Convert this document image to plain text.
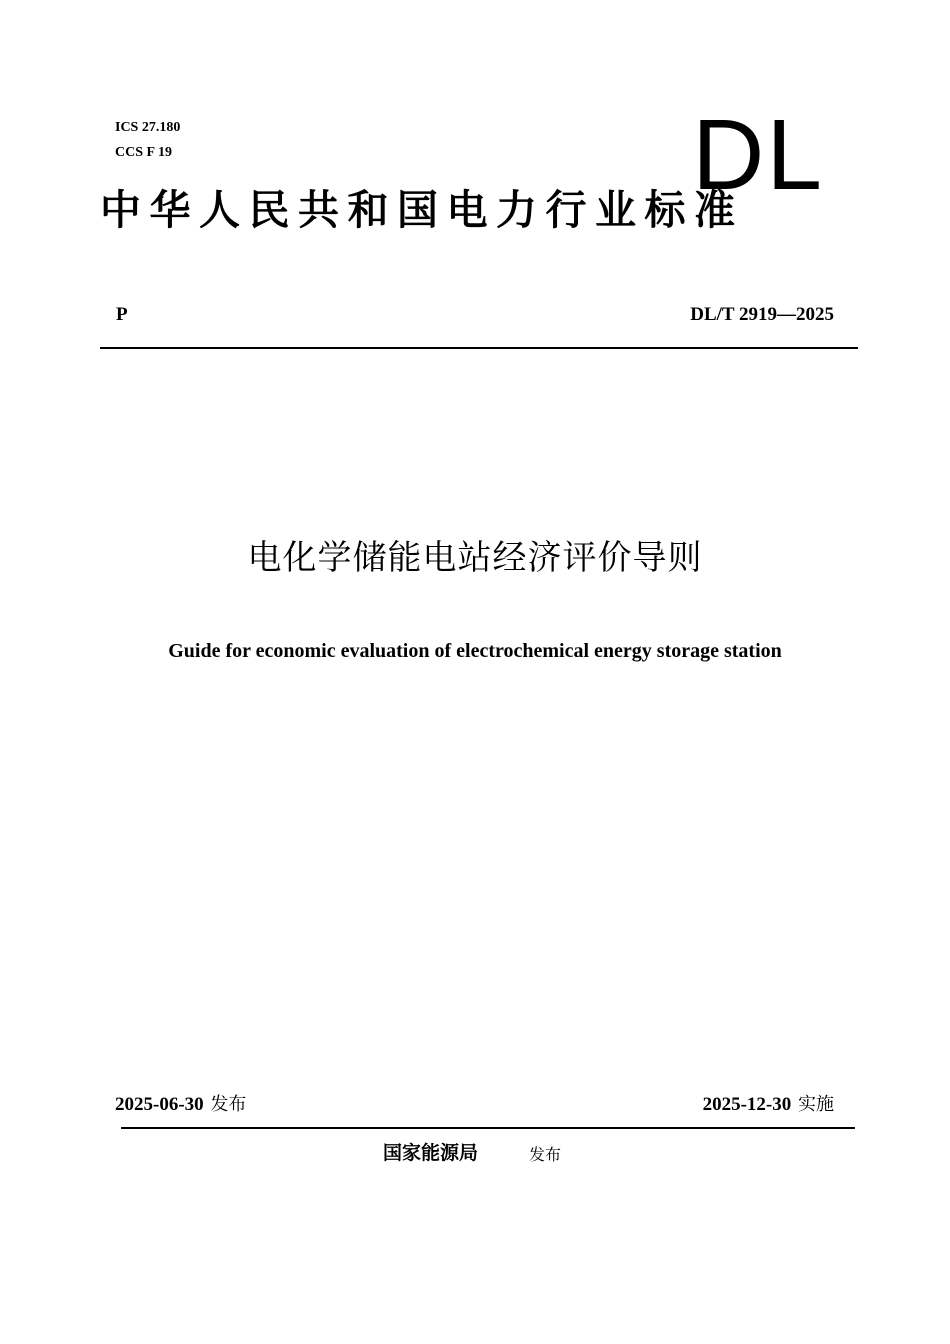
ICS 27.180
CCS F 19	DL
中华人民共和国电力行业标准
P	DL/T 2919—2025
电化学储能电站经济评价导则
Guide for economic evaluation of electrochemical energy storage station
2025-06-30 发布	2025-12-30 实施
国家能源局	发布
